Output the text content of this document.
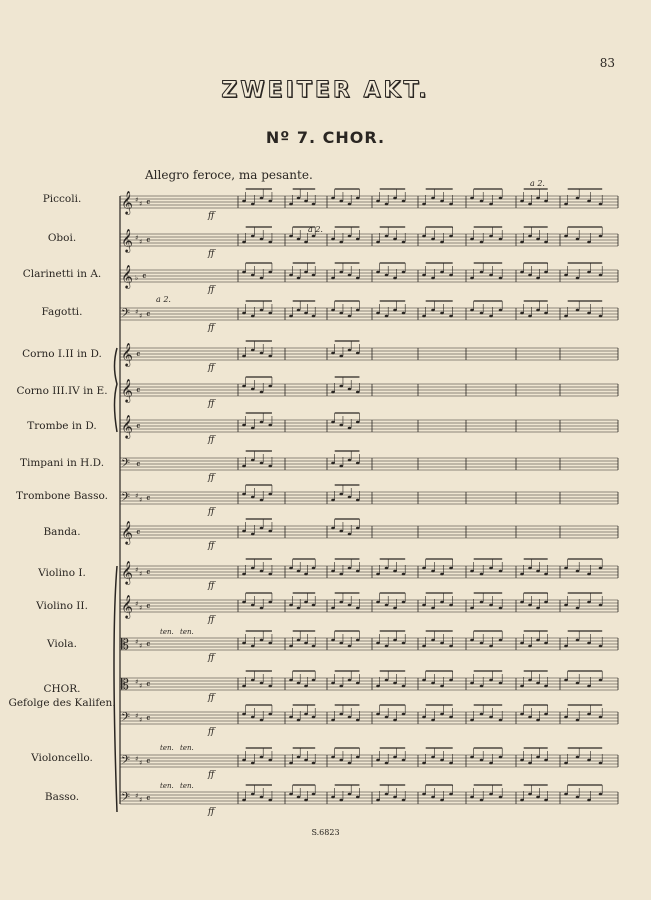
83
ZWEITER AKT.
Nº 7. CHOR.
Allegro feroce, ma pesante.
Piccoli.
Oboi.
Clarinetti in A.
Fagotti.
Corno I.II in D.
Corno III.IV in E.
Trombe in D.
Timpani in H.D.
Trombone Basso.
Banda.
Violino I.
Violino II.
Viola.
CHOR.
Gefolge des Kalifen.
Violoncello.
Basso.
𝄞 ♯ ♯ 𝄴
ff
𝄞 ♯ ♯ 𝄴
ff
𝄞 ♭ 𝄴
ff
𝄢 ♯ ♯ 𝄴
ff
𝄞 𝄴
ff
𝄞 𝄴
ff
𝄞 𝄴
ff
𝄢 𝄴
ff
𝄢 ♯ ♯ 𝄴
ff
𝄞 𝄴
ff
𝄞 ♯ ♯ 𝄴
ff
𝄞 ♯ ♯ 𝄴
ff
𝄡 ♯ ♯ 𝄴
ff
𝄡 ♯ ♯ 𝄴
ff
𝄢 ♯ ♯ 𝄴
ff
𝄢 ♯ ♯ 𝄴
ff
𝄢 ♯ ♯ 𝄴
ff
a 2.
a 2.
a 2.
ten. ten.
ten. ten.
ten. ten.
S.6823
